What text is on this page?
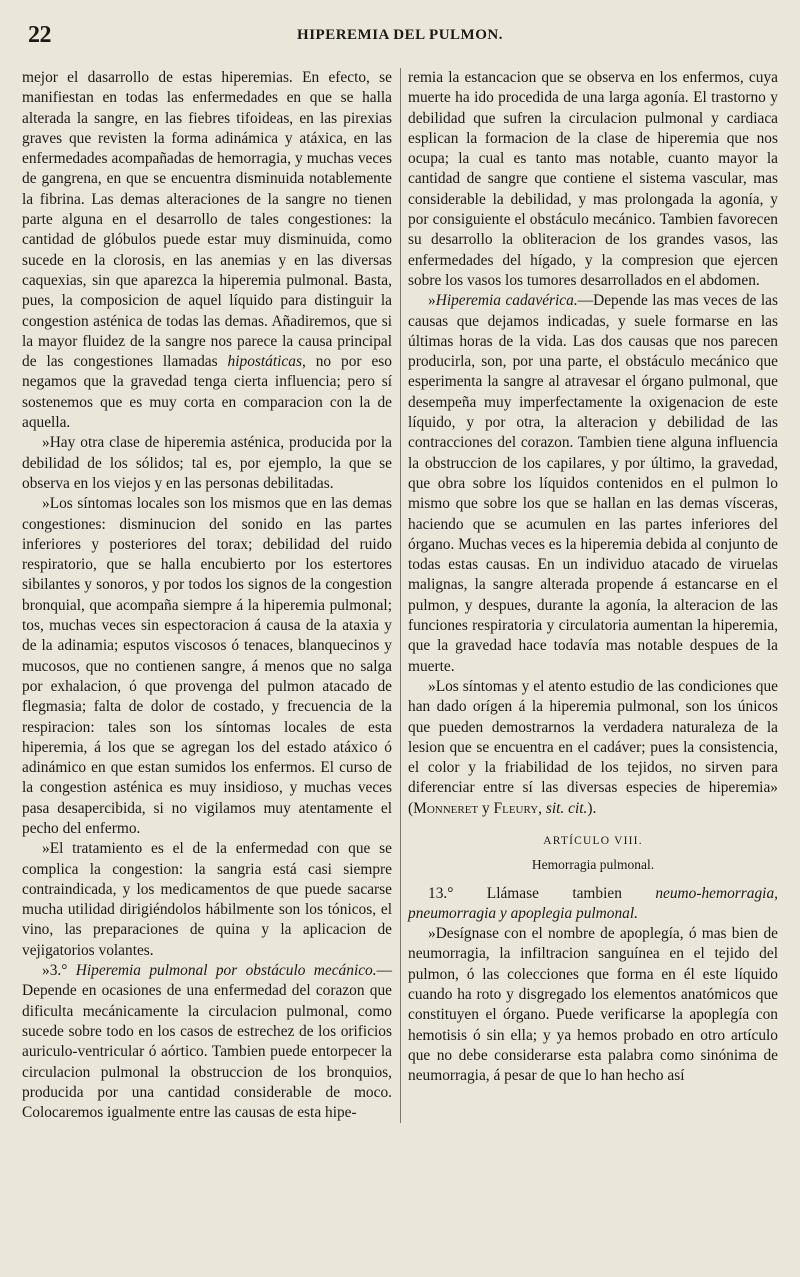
22	HIPEREMIA DEL PULMON.

mejor el dasarrollo de estas hiperemias. En efecto, se manifiestan en todas las enfermedades en que se halla alterada la sangre, en las fiebres tifoideas, en las pirexias graves que revisten la forma adinámica y atáxica, en las enfermedades acompañadas de hemorragia, y muchas veces de gangrena, en que se encuentra disminuida notablemente la fibrina. Las demas alteraciones de la sangre no tienen parte alguna en el desarrollo de tales congestiones: la cantidad de glóbulos puede estar muy disminuida, como sucede en la clorosis, en las anemias y en las diversas caquexias, sin que aparezca la hiperemia pulmonal. Basta, pues, la composicion de aquel líquido para distinguir la congestion asténica de todas las demas. Añadiremos, que si la mayor fluidez de la sangre nos parece la causa principal de las congestiones llamadas hipostáticas, no por eso negamos que la gravedad tenga cierta influencia; pero sí sostenemos que es muy corta en comparacion con la de aquella.

»Hay otra clase de hiperemia asténica, producida por la debilidad de los sólidos; tal es, por ejemplo, la que se observa en los viejos y en las personas debilitadas.

»Los síntomas locales son los mismos que en las demas congestiones: disminucion del sonido en las partes inferiores y posteriores del torax; debilidad del ruido respiratorio, que se halla encubierto por los estertores sibilantes y sonoros, y por todos los signos de la congestion bronquial, que acompaña siempre á la hiperemia pulmonal; tos, muchas veces sin espectoracion á causa de la ataxia y de la adinamia; esputos viscosos ó tenaces, blanquecinos y mucosos, que no contienen sangre, á menos que no salga por exhalacion, ó que provenga del pulmon atacado de flegmasia; falta de dolor de costado, y frecuencia de la respiracion: tales son los síntomas locales de esta hiperemia, á los que se agregan los del estado atáxico ó adinámico en que estan sumidos los enfermos. El curso de la congestion asténica es muy insidioso, y muchas veces pasa desapercibida, si no vigilamos muy atentamente el pecho del enfermo.

»El tratamiento es el de la enfermedad con que se complica la congestion: la sangria está casi siempre contraindicada, y los medicamentos de que puede sacarse mucha utilidad dirigiéndolos hábilmente son los tónicos, el vino, las preparaciones de quina y la aplicacion de vejigatorios volantes.

»3.° Hiperemia pulmonal por obstáculo mecánico.—Depende en ocasiones de una enfermedad del corazon que dificulta mecánicamente la circulacion pulmonal, como sucede sobre todo en los casos de estrechez de los orificios auriculo-ventricular ó aórtico. Tambien puede entorpecer la circulacion pulmonal la obstruccion de los bronquios, producida por una cantidad considerable de moco. Colocaremos igualmente entre las causas de esta hipe-

remia la estancacion que se observa en los enfermos, cuya muerte ha ido procedida de una larga agonía. El trastorno y debilidad que sufren la circulacion pulmonal y cardiaca esplican la formacion de la clase de hiperemia que nos ocupa; la cual es tanto mas notable, cuanto mayor la cantidad de sangre que contiene el sistema vascular, mas considerable la debilidad, y mas prolongada la agonía, y por consiguiente el obstáculo mecánico. Tambien favorecen su desarrollo la obliteracion de los grandes vasos, las enfermedades del hígado, y la compresion que ejercen sobre los vasos los tumores desarrollados en el abdomen.

»Hiperemia cadavérica.—Depende las mas veces de las causas que dejamos indicadas, y suele formarse en las últimas horas de la vida. Las dos causas que nos parecen producirla, son, por una parte, el obstáculo mecánico que esperimenta la sangre al atravesar el órgano pulmonal, que desempeña muy imperfectamente la oxigenacion de este líquido, y por otra, la alteracion y debilidad de las contracciones del corazon. Tambien tiene alguna influencia la obstruccion de los capilares, y por último, la gravedad, que obra sobre los líquidos contenidos en el pulmon lo mismo que sobre los que se hallan en las demas vísceras, haciendo que se acumulen en las partes inferiores del órgano. Muchas veces es la hiperemia debida al conjunto de todas estas causas. En un individuo atacado de viruelas malignas, la sangre alterada propende á estancarse en el pulmon, y despues, durante la agonía, la alteracion de las funciones respiratoria y circulatoria aumentan la hiperemia, que la gravedad hace todavía mas notable despues de la muerte.

»Los síntomas y el atento estudio de las condiciones que han dado orígen á la hiperemia pulmonal, son los únicos que pueden demostrarnos la verdadera naturaleza de la lesion que se encuentra en el cadáver; pues la consistencia, el color y la friabilidad de los tejidos, no sirven para diferenciar entre sí las diversas especies de hiperemia» (Monneret y Fleury, sit. cit.).

ARTÍCULO VIII.

Hemorragia pulmonal.

13.° Llámase tambien neumo-hemorragia, pneumorragia y apoplegia pulmonal.

»Desígnase con el nombre de apoplegía, ó mas bien de neumorragia, la infiltracion sanguínea en el tejido del pulmon, ó las colecciones que forma en él este líquido cuando ha roto y disgregado los elementos anatómicos que constituyen el órgano. Puede verificarse la apoplegía con hemotisis ó sin ella; y ya hemos probado en otro artículo que no debe considerarse esta palabra como sinónima de neumorragia, á pesar de que lo han hecho así
